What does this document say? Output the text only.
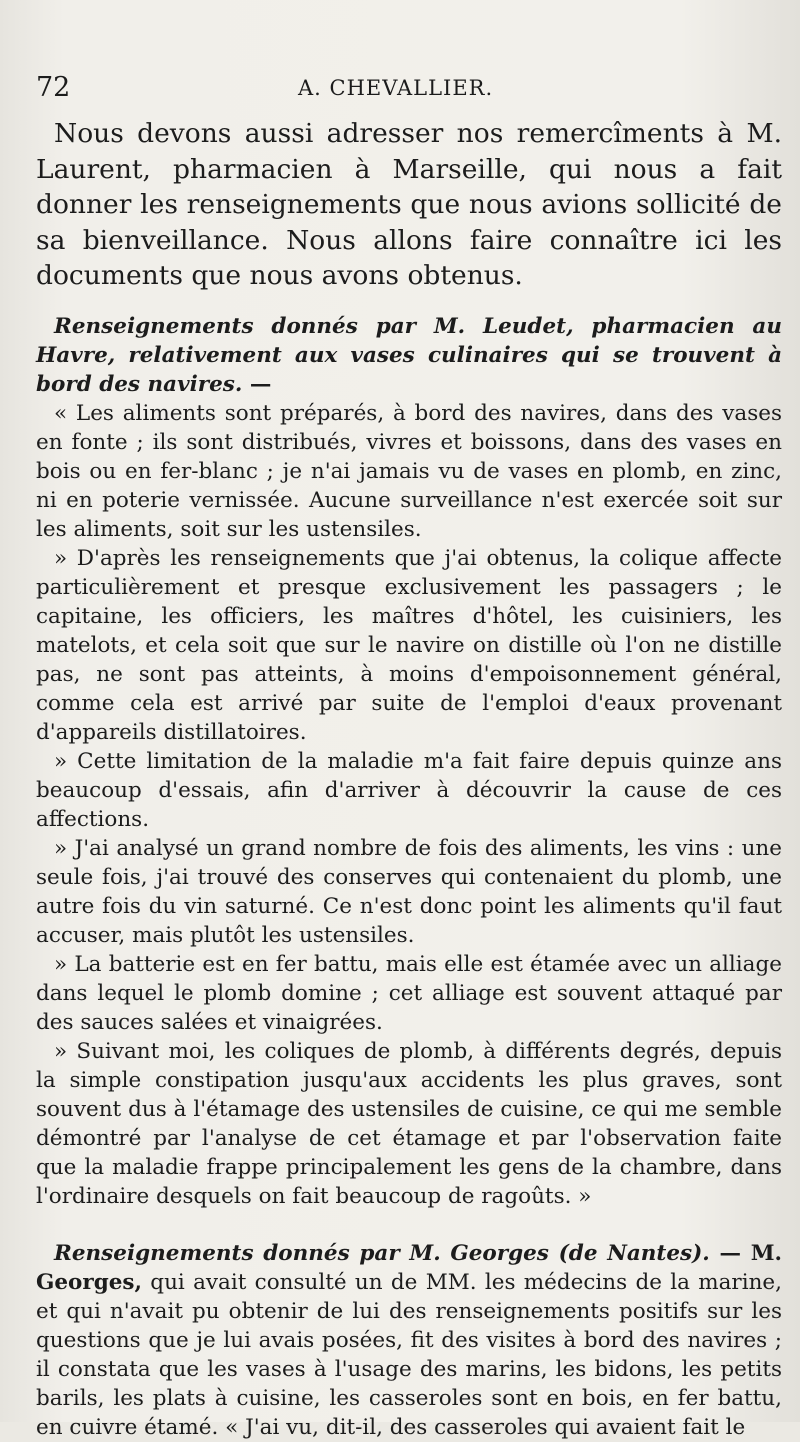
72	A. CHEVALLIER.

Nous devons aussi adresser nos remercîments à M. Laurent, pharmacien à Marseille, qui nous a fait donner les renseignements que nous avions sollicité de sa bienveillance. Nous allons faire connaître ici les documents que nous avons obtenus.

Renseignements donnés par M. Leudet, pharmacien au Havre, relativement aux vases culinaires qui se trouvent à bord des navires. —

« Les aliments sont préparés, à bord des navires, dans des vases en fonte ; ils sont distribués, vivres et boissons, dans des vases en bois ou en fer-blanc ; je n'ai jamais vu de vases en plomb, en zinc, ni en poterie vernissée. Aucune surveillance n'est exercée soit sur les aliments, soit sur les ustensiles.

» D'après les renseignements que j'ai obtenus, la colique affecte particulièrement et presque exclusivement les passagers ; le capitaine, les officiers, les maîtres d'hôtel, les cuisiniers, les matelots, et cela soit que sur le navire on distille où l'on ne distille pas, ne sont pas atteints, à moins d'empoisonnement général, comme cela est arrivé par suite de l'emploi d'eaux provenant d'appareils distillatoires.

» Cette limitation de la maladie m'a fait faire depuis quinze ans beaucoup d'essais, afin d'arriver à découvrir la cause de ces affections.

» J'ai analysé un grand nombre de fois des aliments, les vins : une seule fois, j'ai trouvé des conserves qui contenaient du plomb, une autre fois du vin saturné. Ce n'est donc point les aliments qu'il faut accuser, mais plutôt les ustensiles.

» La batterie est en fer battu, mais elle est étamée avec un alliage dans lequel le plomb domine ; cet alliage est souvent attaqué par des sauces salées et vinaigrées.

» Suivant moi, les coliques de plomb, à différents degrés, depuis la simple constipation jusqu'aux accidents les plus graves, sont souvent dus à l'étamage des ustensiles de cuisine, ce qui me semble démontré par l'analyse de cet étamage et par l'observation faite que la maladie frappe principalement les gens de la chambre, dans l'ordinaire desquels on fait beaucoup de ragoûts. »

Renseignements donnés par M. Georges (de Nantes). — M. Georges, qui avait consulté un de MM. les médecins de la marine, et qui n'avait pu obtenir de lui des renseignements positifs sur les questions que je lui avais posées, fit des visites à bord des navires ; il constata que les vases à l'usage des marins, les bidons, les petits barils, les plats à cuisine, les casseroles sont en bois, en fer battu, en cuivre étamé. « J'ai vu, dit-il, des casseroles qui avaient fait le
